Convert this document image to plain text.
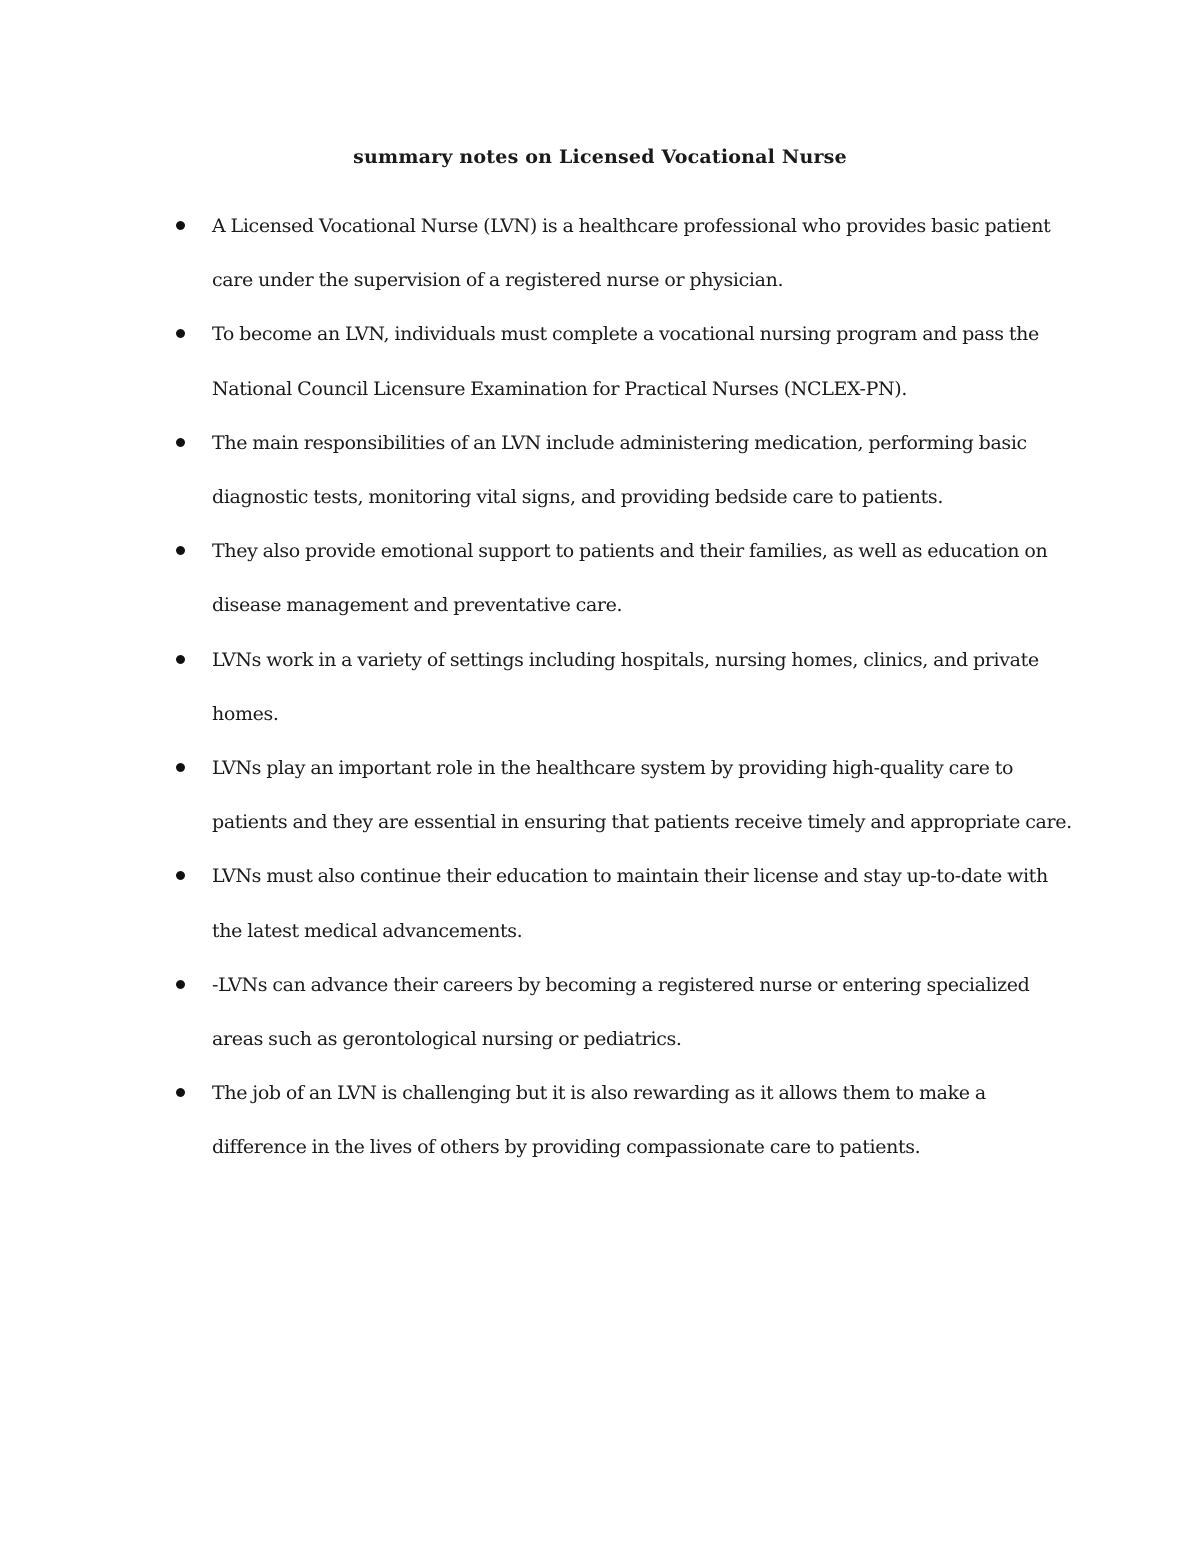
summary notes on Licensed Vocational Nurse
A Licensed Vocational Nurse (LVN) is a healthcare professional who provides basic patient care under the supervision of a registered nurse or physician.
To become an LVN, individuals must complete a vocational nursing program and pass the National Council Licensure Examination for Practical Nurses (NCLEX-PN).
The main responsibilities of an LVN include administering medication, performing basic diagnostic tests, monitoring vital signs, and providing bedside care to patients.
They also provide emotional support to patients and their families, as well as education on disease management and preventative care.
LVNs work in a variety of settings including hospitals, nursing homes, clinics, and private homes.
LVNs play an important role in the healthcare system by providing high-quality care to patients and they are essential in ensuring that patients receive timely and appropriate care.
LVNs must also continue their education to maintain their license and stay up-to-date with the latest medical advancements.
-LVNs can advance their careers by becoming a registered nurse or entering specialized areas such as gerontological nursing or pediatrics.
The job of an LVN is challenging but it is also rewarding as it allows them to make a difference in the lives of others by providing compassionate care to patients.
